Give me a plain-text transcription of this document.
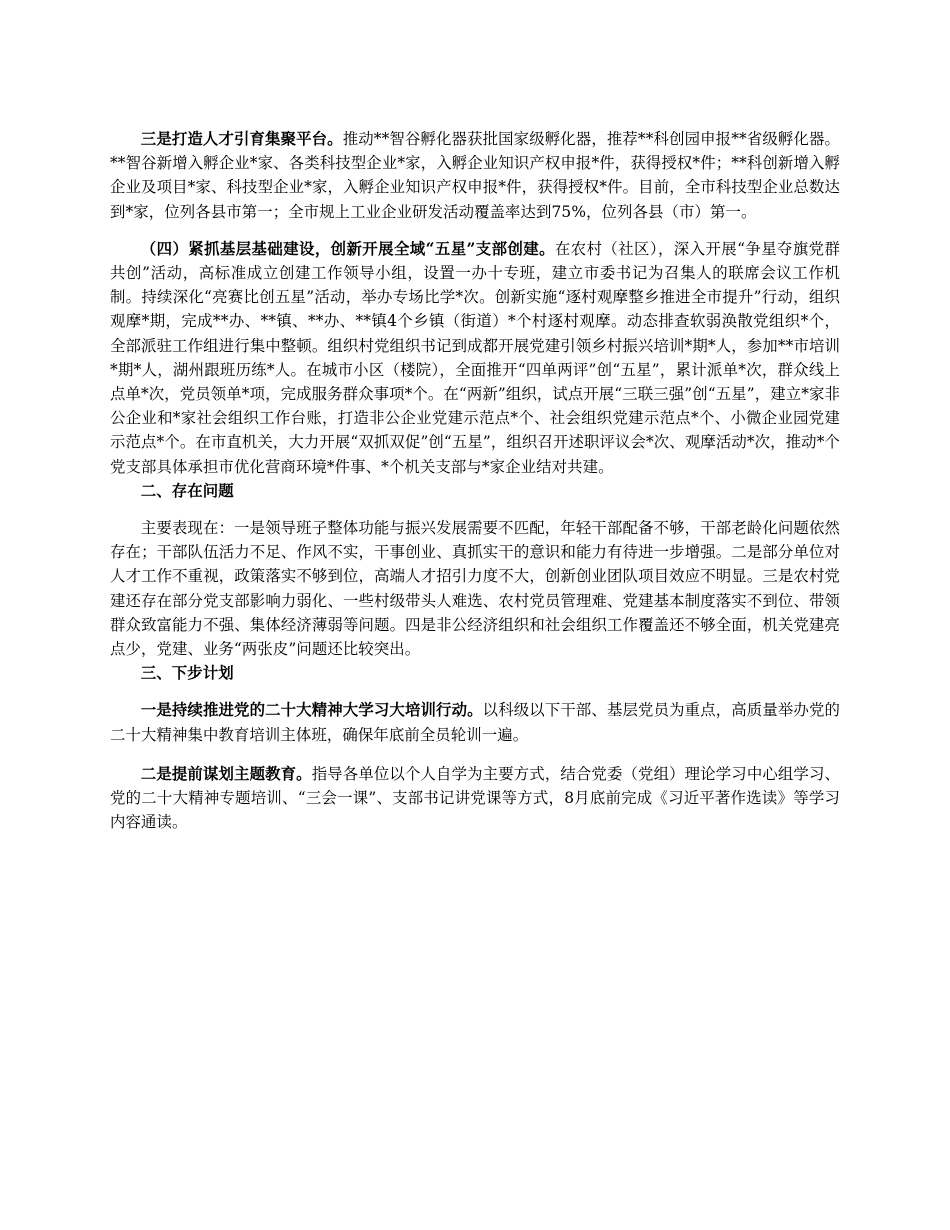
三是打造人才引育集聚平台。推动**智谷孵化器获批国家级孵化器，推荐**科创园申报**省级孵化器。**智谷新增入孵企业*家、各类科技型企业*家，入孵企业知识产权申报*件，获得授权*件；**科创新增入孵企业及项目*家、科技型企业*家，入孵企业知识产权申报*件，获得授权*件。目前，全市科技型企业总数达到*家，位列各县市第一；全市规上工业企业研发活动覆盖率达到75%，位列各县（市）第一。

（四）紧抓基层基础建设，创新开展全域“五星”支部创建。在农村（社区），深入开展“争星夺旗党群共创”活动，高标准成立创建工作领导小组，设置一办十专班，建立市委书记为召集人的联席会议工作机制。持续深化“亮赛比创五星”活动，举办专场比学*次。创新实施“逐村观摩整乡推进全市提升”行动，组织观摩*期，完成**办、**镇、**办、**镇4个乡镇（街道）*个村逐村观摩。动态排查软弱涣散党组织*个，全部派驻工作组进行集中整顿。组织村党组织书记到成都开展党建引领乡村振兴培训*期*人，参加**市培训*期*人，湖州跟班历练*人。在城市小区（楼院），全面推开“四单两评”创“五星”，累计派单*次，群众线上点单*次，党员领单*项，完成服务群众事项*个。在“两新”组织，试点开展“三联三强”创“五星”，建立*家非公企业和*家社会组织工作台账，打造非公企业党建示范点*个、社会组织党建示范点*个、小微企业园党建示范点*个。在市直机关，大力开展“双抓双促”创“五星”，组织召开述职评议会*次、观摩活动*次，推动*个党支部具体承担市优化营商环境*件事、*个机关支部与*家企业结对共建。

二、存在问题

主要表现在：一是领导班子整体功能与振兴发展需要不匹配，年轻干部配备不够，干部老龄化问题依然存在；干部队伍活力不足、作风不实，干事创业、真抓实干的意识和能力有待进一步增强。二是部分单位对人才工作不重视，政策落实不够到位，高端人才招引力度不大，创新创业团队项目效应不明显。三是农村党建还存在部分党支部影响力弱化、一些村级带头人难选、农村党员管理难、党建基本制度落实不到位、带领群众致富能力不强、集体经济薄弱等问题。四是非公经济组织和社会组织工作覆盖还不够全面，机关党建亮点少，党建、业务“两张皮”问题还比较突出。

三、下步计划

一是持续推进党的二十大精神大学习大培训行动。以科级以下干部、基层党员为重点，高质量举办党的二十大精神集中教育培训主体班，确保年底前全员轮训一遍。

二是提前谋划主题教育。指导各单位以个人自学为主要方式，结合党委（党组）理论学习中心组学习、党的二十大精神专题培训、“三会一课”、支部书记讲党课等方式，8月底前完成《习近平著作选读》等学习内容通读。
